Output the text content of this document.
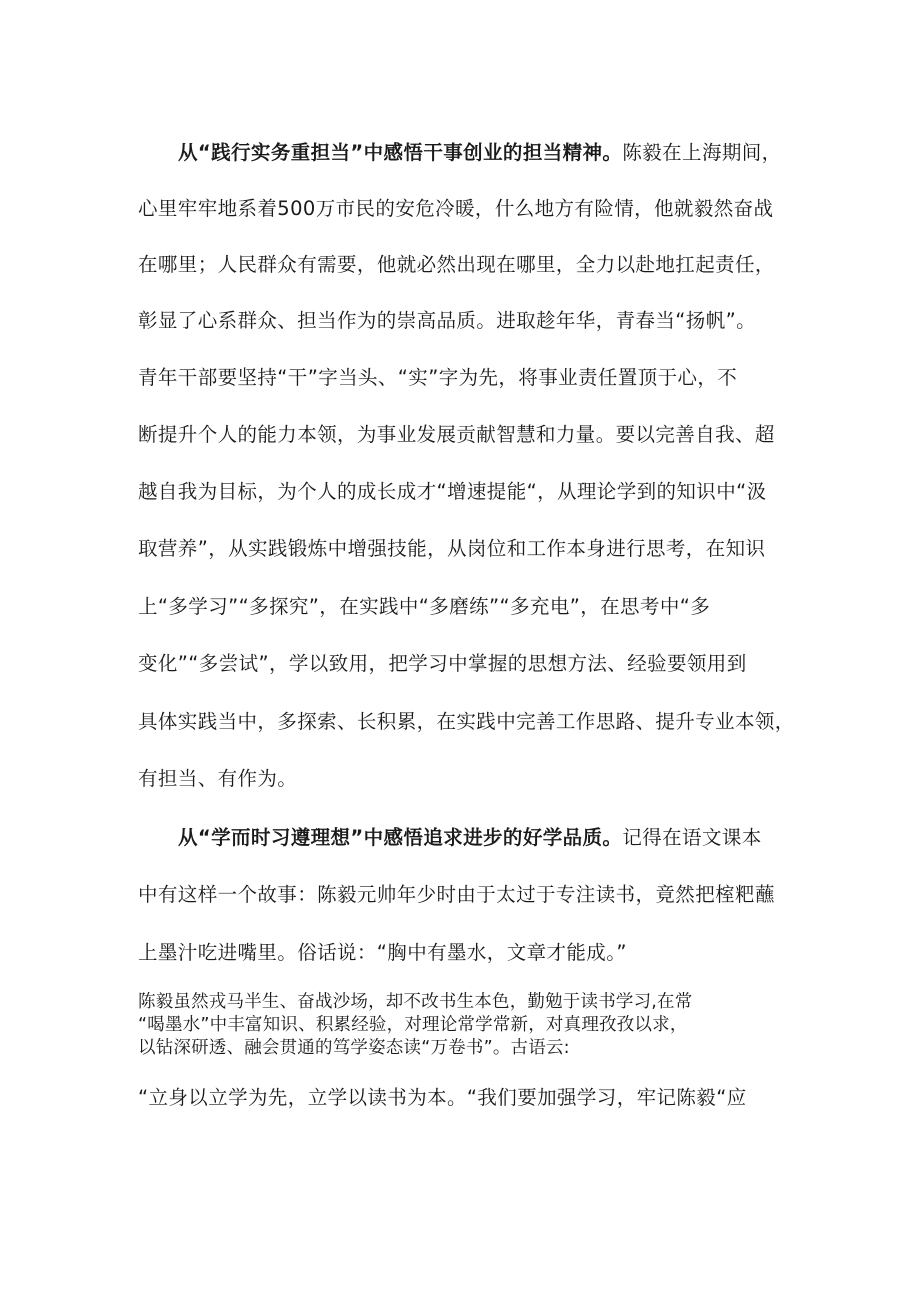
从“践行实务重担当”中感悟干事创业的担当精神。陈毅在上海期间，
心里牢牢地系着500万市民的安危冷暖，什么地方有险情，他就毅然奋战
在哪里；人民群众有需要，他就必然出现在哪里，全力以赴地扛起责任，
彰显了心系群众、担当作为的崇高品质。进取趁年华，青春当“扬帆”。
青年干部要坚持“干”字当头、“实”字为先，将事业责任置顶于心，不
断提升个人的能力本领，为事业发展贡献智慧和力量。要以完善自我、超
越自我为目标，为个人的成长成才“增速提能“，从理论学到的知识中“汲
取营养”，从实践锻炼中增强技能，从岗位和工作本身进行思考，在知识
上“多学习”“多探究”，在实践中“多磨练”“多充电”，在思考中“多
变化”“多尝试”，学以致用，把学习中掌握的思想方法、经验要领用到
具体实践当中，多探索、长积累，在实践中完善工作思路、提升专业本领，
有担当、有作为。
从“学而时习遵理想”中感悟追求进步的好学品质。记得在语文课本
中有这样一个故事：陈毅元帅年少时由于太过于专注读书，竟然把榁粑蘸
上墨汁吃进嘴里。俗话说：“胸中有墨水，文章才能成。”
陈毅虽然戎马半生、奋战沙场，却不改书生本色，勤勉于读书学习,在常
“喝墨水”中丰富知识、积累经验，对理论常学常新，对真理孜孜以求，
以钻深研透、融会贯通的笃学姿态读“万卷书”。古语云:
“立身以立学为先，立学以读书为本。“我们要加强学习，牢记陈毅“应
